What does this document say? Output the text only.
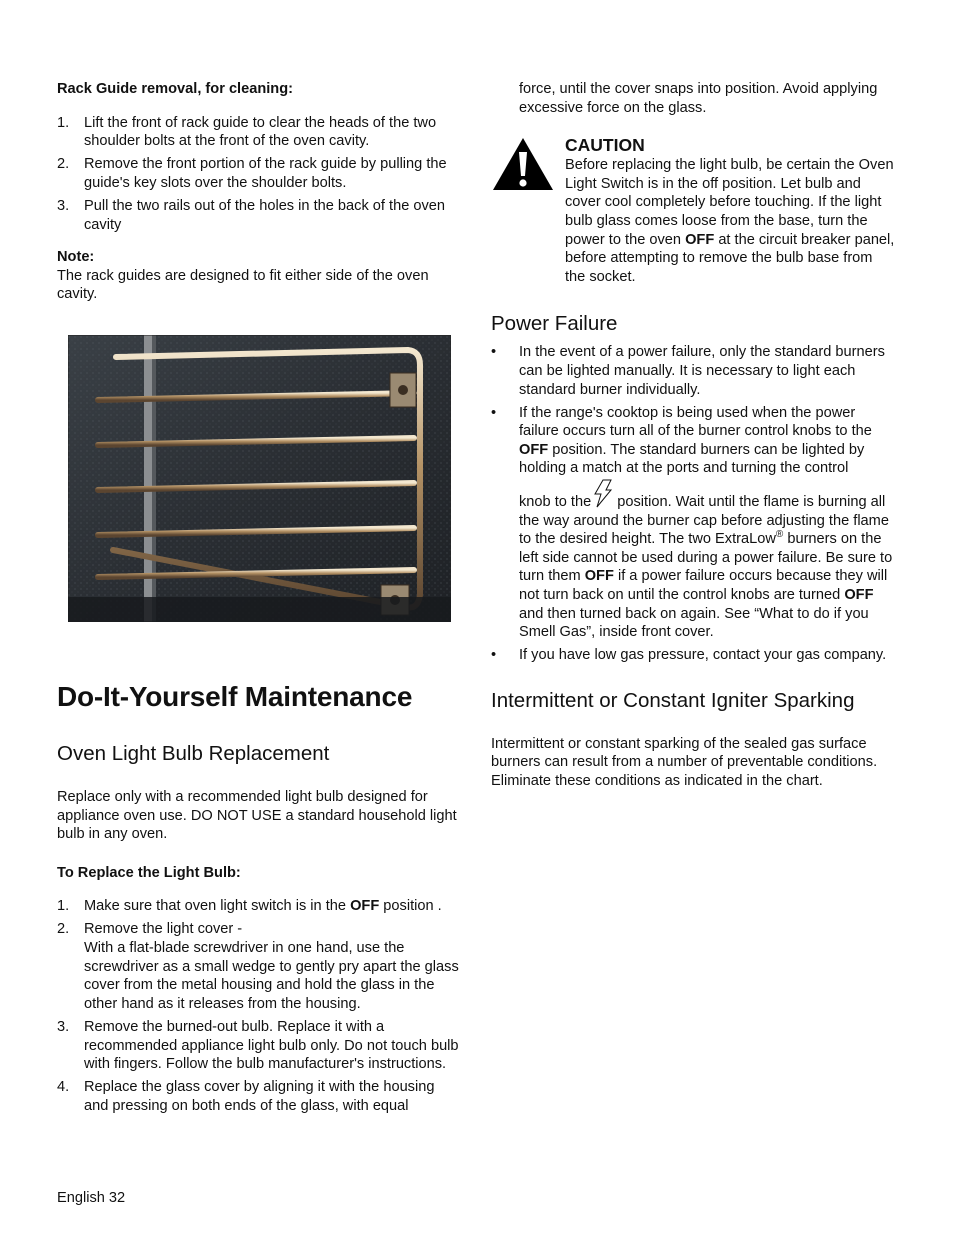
Rack Guide removal, for cleaning:

1. Lift the front of rack guide to clear the heads of the two shoulder bolts at the front of the oven cavity.
2. Remove the front portion of the rack guide by pulling the guide's key slots over the shoulder bolts.
3. Pull the two rails out of the holes in the back of the oven cavity

Note:

The rack guides are designed to fit either side of the oven cavity.

Do-It-Yourself Maintenance
Oven Light Bulb Replacement

Replace only with a recommended light bulb designed for appliance oven use. DO NOT USE a standard household light bulb in any oven.

To Replace the Light Bulb:

1. Make sure that oven light switch is in the OFF position .
2. Remove the light cover -
With a flat-blade screwdriver in one hand, use the screwdriver as a small wedge to gently pry apart the glass cover from the metal housing and hold the glass in the other hand as it releases from the housing.
3. Remove the burned-out bulb. Replace it with a recommended appliance light bulb only. Do not touch bulb with fingers. Follow the bulb manufacturer's instructions.
4. Replace the glass cover by aligning it with the housing and pressing on both ends of the glass, with equal

force, until the cover snaps into position. Avoid applying excessive force on the glass.

CAUTION

Before replacing the light bulb, be certain the Oven Light Switch is in the off position. Let bulb and cover cool completely before touching. If the light bulb glass comes loose from the base, turn the power to the oven OFF at the circuit breaker panel, before attempting to remove the bulb base from the socket.

Power Failure
• In the event of a power failure, only the standard burners can be lighted manually. It is necessary to light each standard burner individually.
• If the range's cooktop is being used when the power failure occurs turn all of the burner control knobs to the OFF position. The standard burners can be lighted by holding a match at the ports and turning the control
knob to the position. Wait until the flame is burning all the way around the burner cap before adjusting the flame to the desired height. The two ExtraLow® burners on the left side cannot be used during a power failure. Be sure to turn them OFF if a power failure occurs because they will not turn back on until the control knobs are turned OFF and then turned back on again. See “What to do if you Smell Gas”, inside front cover.
• If you have low gas pressure, contact your gas company.
Intermittent or Constant Igniter Sparking

Intermittent or constant sparking of the sealed gas surface burners can result from a number of preventable conditions. Eliminate these conditions as indicated in the chart.

English 32
